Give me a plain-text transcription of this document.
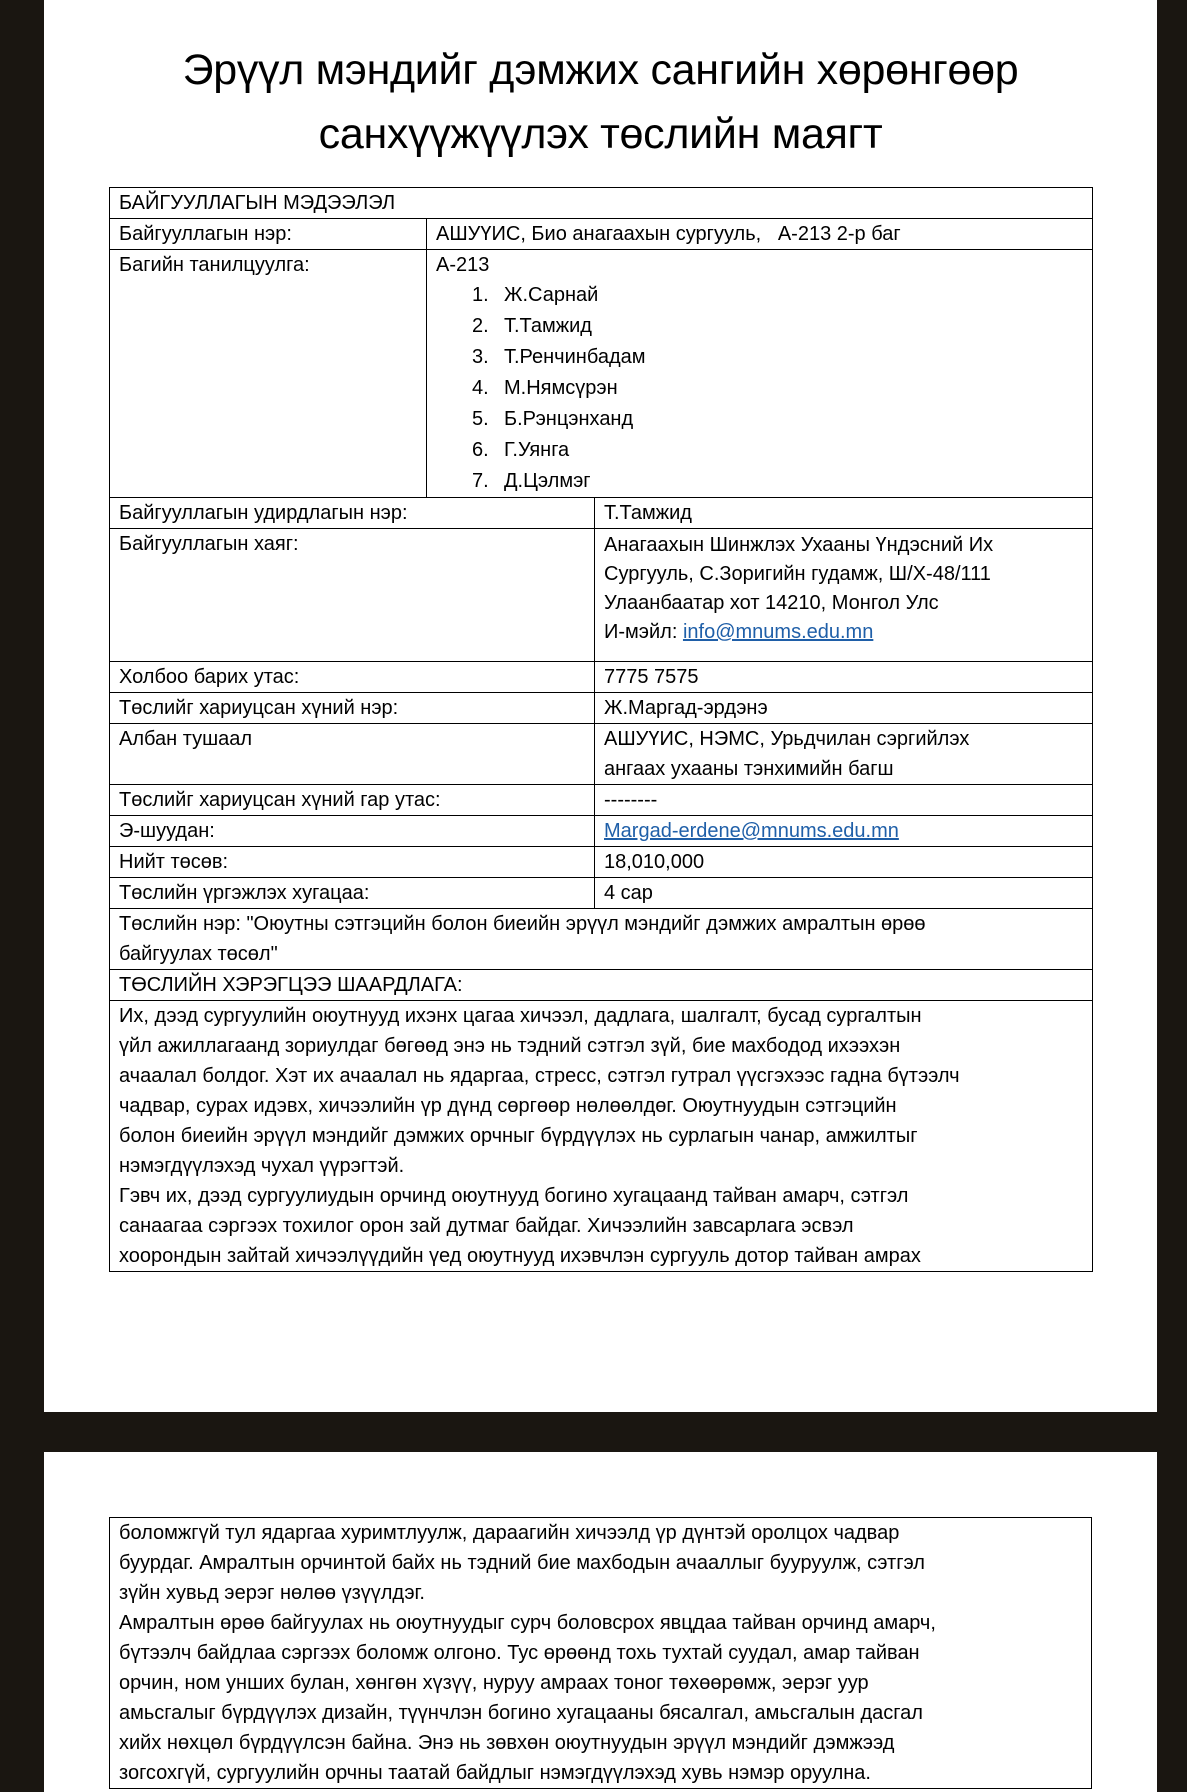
Эрүүл мэндийг дэмжих сангийн хөрөнгөөр
санхүүжүүлэх төслийн маягт
БАЙГУУЛЛАГЫН МЭДЭЭЛЭЛ		
Байгууллагын нэр:	АШУҮИС, Био анагаахын сургууль,   А-213 2-р баг	
Багийн танилцуулга:	А-213
1. Ж.Сарнай
2. Т.Тамжид
3. Т.Ренчинбадам
4. М.Нямсүрэн
5. Б.Рэнцэнханд
6. Г.Уянга
7. Д.Цэлмэг

Байгууллагын удирдлагын нэр:		Т.Тамжид
Байгууллагын хаяг:		Анагаахын Шинжлэх Ухааны Үндэсний Их
Сургууль, С.Зоригийн гудамж, Ш/Х-48/111
Улаанбаатар хот 14210, Монгол Улс
И-мэйл: info@mnums.edu.mn

Холбоо барих утас:		7775 7575
Төслийг хариуцсан хүний нэр:		Ж.Маргад-эрдэнэ
Албан тушаал		АШУҮИС, НЭМС, Урьдчилан сэргийлэх
ангаах ухааны тэнхимийн багш

Төслийг хариуцсан хүний гар утас:		--------
Э-шуудан:		Margad-erdene@mnums.edu.mn
Нийт төсөв:		18,010,000
Төслийн үргэжлэх хугацаа:		4 сар

Төслийн нэр: "Оюутны сэтгэцийн болон биеийн эрүүл мэндийг дэмжих амралтын өрөө
байгуулах төсөл"		

ТӨСЛИЙН ХЭРЭГЦЭЭ ШААРДЛАГА:		

Их, дээд сургуулийн оюутнууд ихэнх цагаа хичээл, дадлага, шалгалт, бусад сургалтын
үйл ажиллагаанд зориулдаг бөгөөд энэ нь тэдний сэтгэл зүй, бие махбодод ихээхэн
ачаалал болдог. Хэт их ачаалал нь ядаргаа, стресс, сэтгэл гутрал үүсгэхээс гадна бүтээлч
чадвар, сурах идэвх, хичээлийн үр дүнд сөргөөр нөлөөлдөг. Оюутнуудын сэтгэцийн
болон биеийн эрүүл мэндийг дэмжих орчныг бүрдүүлэх нь сурлагын чанар, амжилтыг
нэмэгдүүлэхэд чухал үүрэгтэй.
Гэвч их, дээд сургуулиудын орчинд оюутнууд богино хугацаанд тайван амарч, сэтгэл
санаагаа сэргээх тохилог орон зай дутмаг байдаг. Хичээлийн завсарлага эсвэл
хоорондын зайтай хичээлүүдийн үед оюутнууд ихэвчлэн сургууль дотор тайван амрах
боломжгүй тул ядаргаа хуримтлуулж, дараагийн хичээлд үр дүнтэй оролцох чадвар
буурдаг. Амралтын орчинтой байх нь тэдний бие махбодын ачааллыг бууруулж, сэтгэл
зүйн хувьд эерэг нөлөө үзүүлдэг.
Амралтын өрөө байгуулах нь оюутнуудыг сурч боловсрох явцдаа тайван орчинд амарч,
бүтээлч байдлаа сэргээх боломж олгоно. Тус өрөөнд тохь тухтай суудал, амар тайван
орчин, ном унших булан, хөнгөн хүзүү, нуруу амраах тоног төхөөрөмж, эерэг уур
амьсгалыг бүрдүүлэх дизайн, түүнчлэн богино хугацааны бясалгал, амьсгалын дасгал
хийх нөхцөл бүрдүүлсэн байна. Энэ нь зөвхөн оюутнуудын эрүүл мэндийг дэмжээд
зогсохгүй, сургуулийн орчны таатай байдлыг нэмэгдүүлэхэд хувь нэмэр оруулна.
